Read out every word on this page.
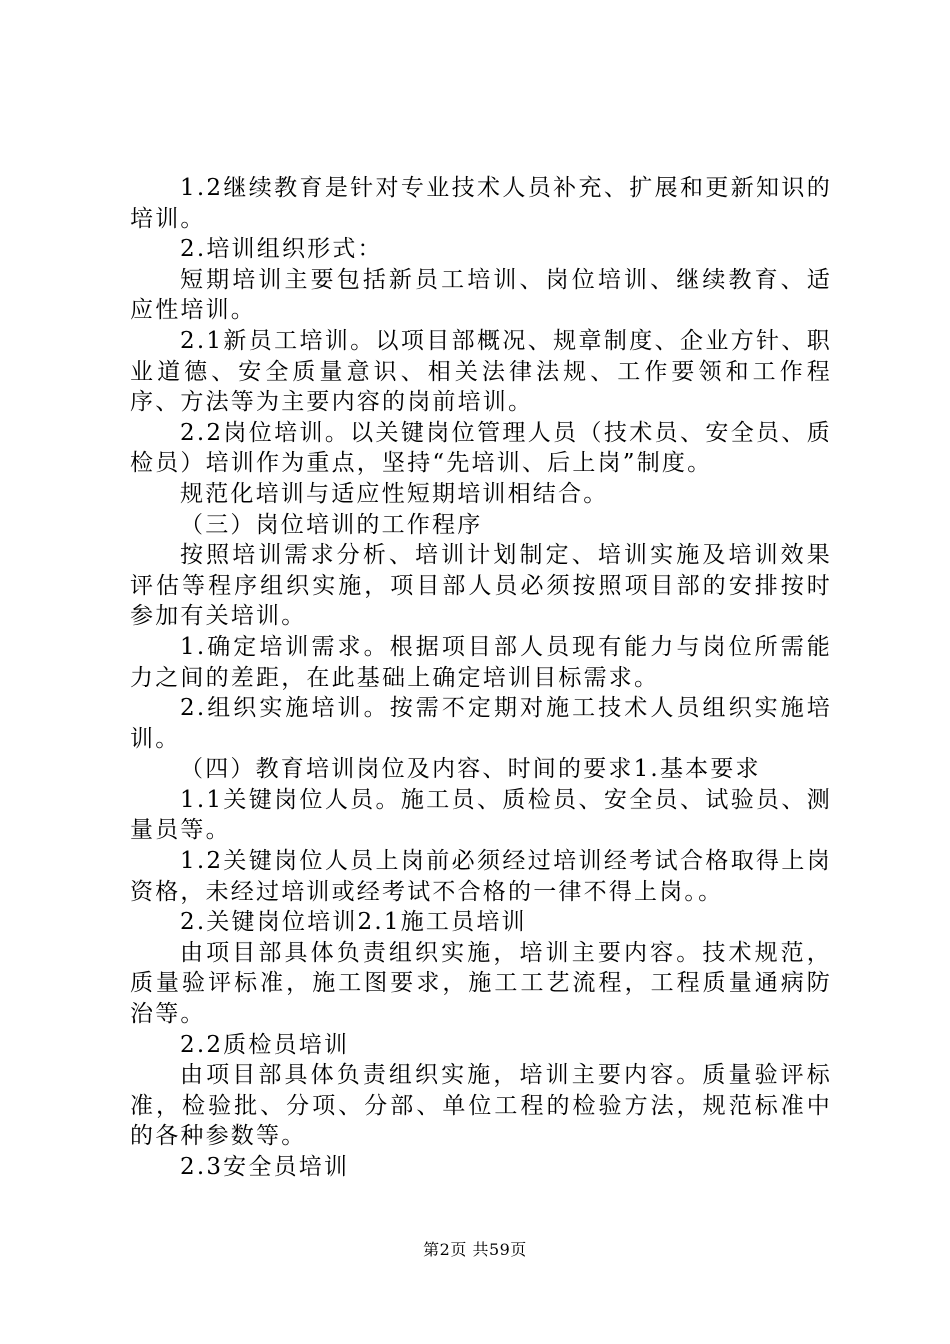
1.2继续教育是针对专业技术人员补充、扩展和更新知识的培训。

2.培训组织形式：

短期培训主要包括新员工培训、岗位培训、继续教育、适应性培训。

2.1新员工培训。以项目部概况、规章制度、企业方针、职业道德、安全质量意识、相关法律法规、工作要领和工作程序、方法等为主要内容的岗前培训。

2.2岗位培训。以关键岗位管理人员（技术员、安全员、质检员）培训作为重点，坚持“先培训、后上岗”制度。

规范化培训与适应性短期培训相结合。

（三）岗位培训的工作程序

按照培训需求分析、培训计划制定、培训实施及培训效果评估等程序组织实施，项目部人员必须按照项目部的安排按时参加有关培训。

1.确定培训需求。根据项目部人员现有能力与岗位所需能力之间的差距，在此基础上确定培训目标需求。

2.组织实施培训。按需不定期对施工技术人员组织实施培训。

（四）教育培训岗位及内容、时间的要求1.基本要求

1.1关键岗位人员。施工员、质检员、安全员、试验员、测量员等。

1.2关键岗位人员上岗前必须经过培训经考试合格取得上岗资格，未经过培训或经考试不合格的一律不得上岗。。

2.关键岗位培训2.1施工员培训

由项目部具体负责组织实施，培训主要内容。技术规范，质量验评标准，施工图要求，施工工艺流程，工程质量通病防治等。

2.2质检员培训

由项目部具体负责组织实施，培训主要内容。质量验评标准，检验批、分项、分部、单位工程的检验方法，规范标准中的各种参数等。

2.3安全员培训

第2页 共59页
